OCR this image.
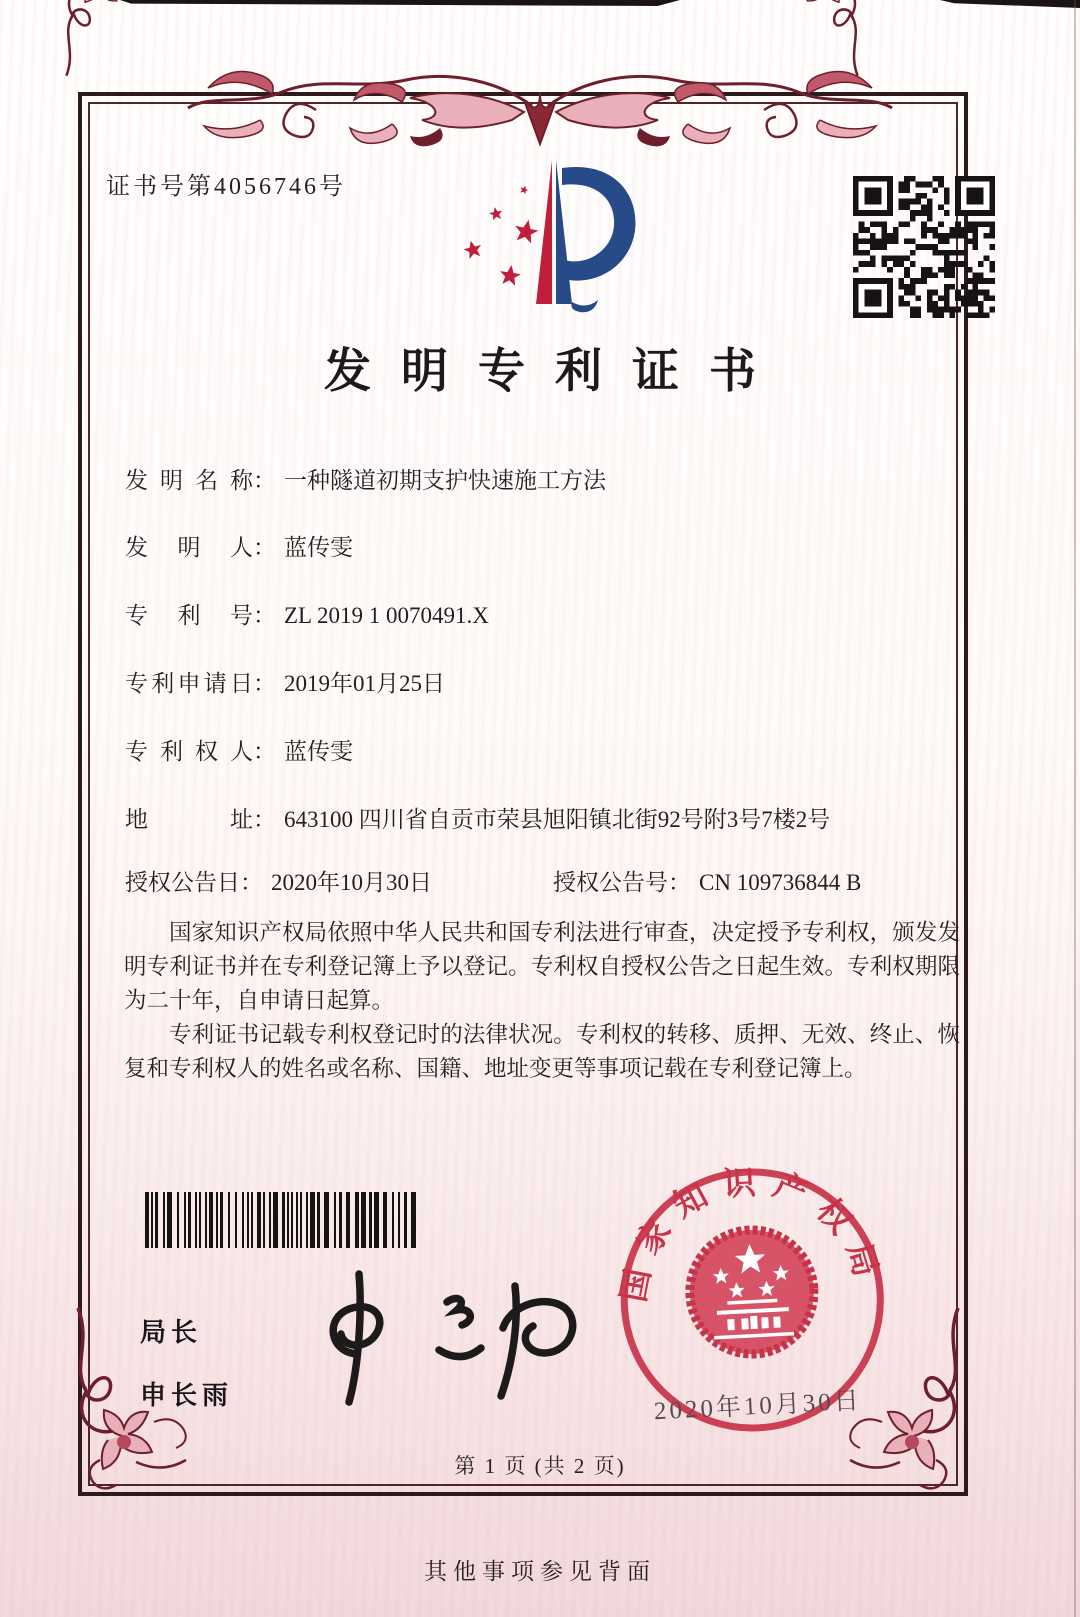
证书号第4056746号
发明专利证书
发明名称： 一种隧道初期支护快速施工方法
发明人： 蓝传雯
专利号： ZL 2019 1 0070491.X
专利申请日： 2019年01月25日
专利权人： 蓝传雯
地址： 643100 四川省自贡市荣县旭阳镇北街92号附3号7楼2号
授权公告日： 2020年10月30日	授权公告号： CN 109736844 B

国家知识产权局依照中华人民共和国专利法进行审查，决定授予专利权，颁发发明专利证书并在专利登记簿上予以登记。专利权自授权公告之日起生效。专利权期限为二十年，自申请日起算。

专利证书记载专利权登记时的法律状况。专利权的转移、质押、无效、终止、恢复和专利权人的姓名或名称、国籍、地址变更等事项记载在专利登记簿上。

局长
申长雨
国家知识产权局
2020年10月30日
第 1 页 (共 2 页)
其他事项参见背面
